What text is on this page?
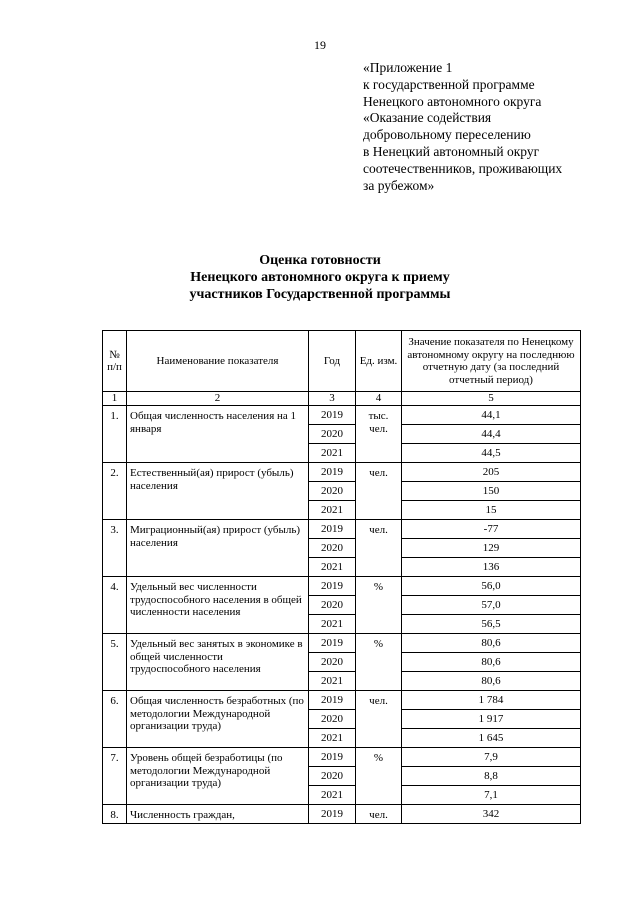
19
«Приложение 1
к государственной программе
Ненецкого автономного округа
«Оказание содействия
добровольному переселению
в Ненецкий автономный округ
соотечественников, проживающих
за рубежом»
Оценка готовности
Ненецкого автономного округа к приему
участников Государственной программы
№ п/п	Наименование показателя	Год	Ед. изм.	Значение показателя по Ненецкому автономному округу на последнюю отчетную дату (за последний отчетный период)
1	2	3	4	5
1.	Общая численность населения на 1 января	2019	тыс. чел.	44,1
		2020		44,4
		2021		44,5
2.	Естественный(ая) прирост (убыль) населения	2019	чел.	205
		2020		150
		2021		15
3.	Миграционный(ая) прирост (убыль) населения	2019	чел.	-77
		2020		129
		2021		136
4.	Удельный вес численности трудоспособного населения в общей численности населения	2019	%	56,0
		2020		57,0
		2021		56,5
5.	Удельный вес занятых в экономике в общей численности трудоспособного населения	2019	%	80,6
		2020		80,6
		2021		80,6
6.	Общая численность безработных (по методологии Международной организации труда)	2019	чел.	1 784
		2020		1 917
		2021		1 645
7.	Уровень общей безработицы (по методологии Международной организации труда)	2019	%	7,9
		2020		8,8
		2021		7,1
8.	Численность граждан,	2019	чел.	342
